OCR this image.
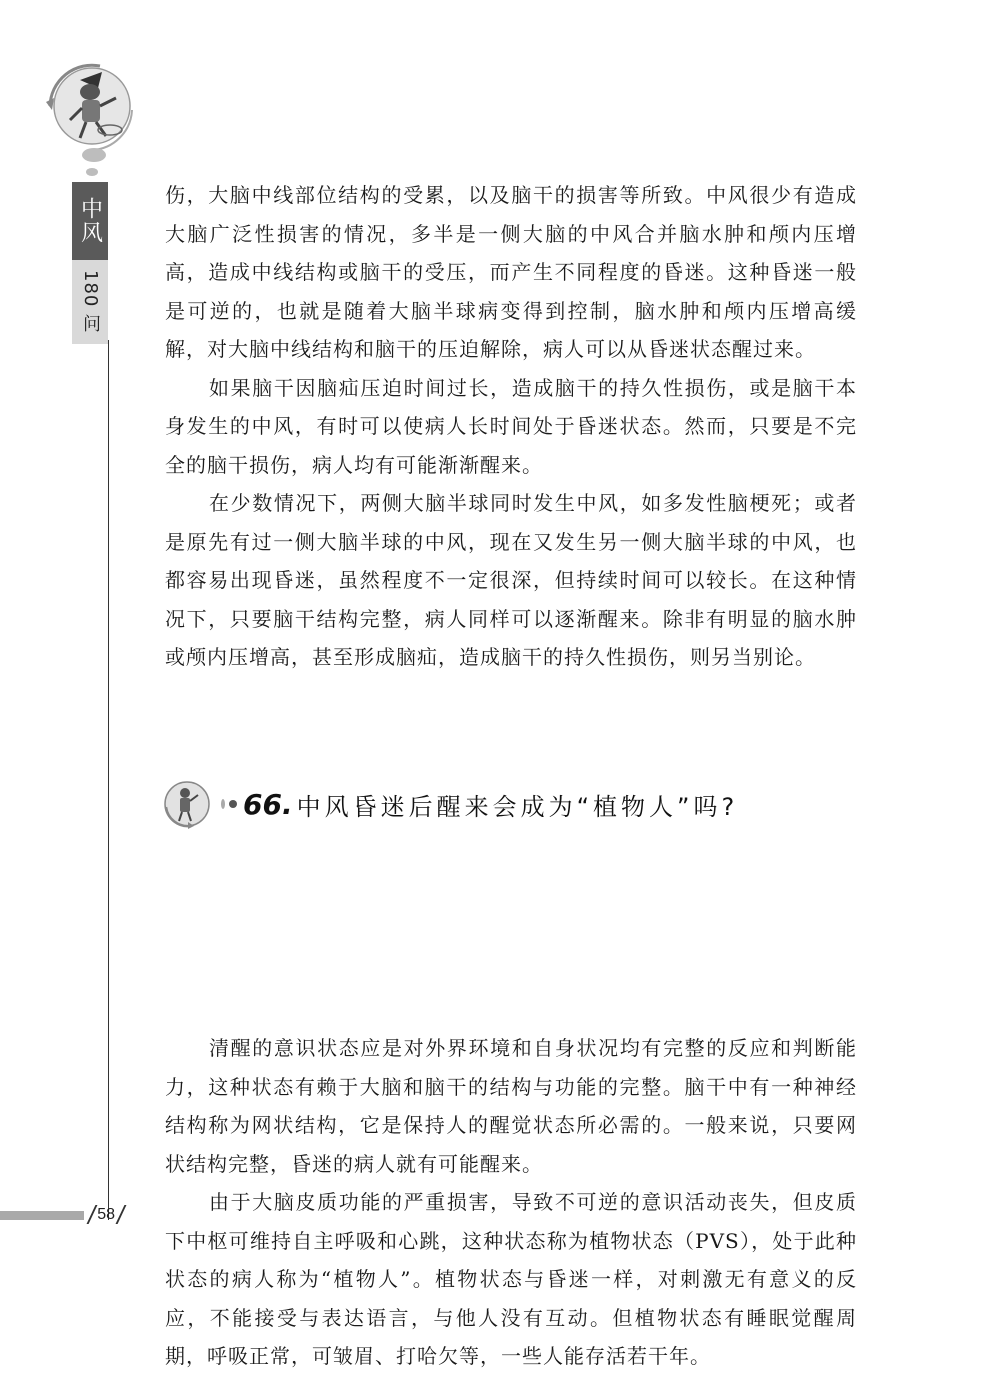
中风
180 问
/ 58 /
66. 中风昏迷后醒来会成为“植物人”吗?

伤，大脑中线部位结构的受累，以及脑干的损害等所致。中风很少有造成大脑广泛性损害的情况，多半是一侧大脑的中风合并脑水肿和颅内压增高，造成中线结构或脑干的受压，而产生不同程度的昏迷。这种昏迷一般是可逆的，也就是随着大脑半球病变得到控制，脑水肿和颅内压增高缓解，对大脑中线结构和脑干的压迫解除，病人可以从昏迷状态醒过来。

如果脑干因脑疝压迫时间过长，造成脑干的持久性损伤，或是脑干本身发生的中风，有时可以使病人长时间处于昏迷状态。然而，只要是不完全的脑干损伤，病人均有可能渐渐醒来。

在少数情况下，两侧大脑半球同时发生中风，如多发性脑梗死；或者是原先有过一侧大脑半球的中风，现在又发生另一侧大脑半球的中风，也都容易出现昏迷，虽然程度不一定很深，但持续时间可以较长。在这种情况下，只要脑干结构完整，病人同样可以逐渐醒来。除非有明显的脑水肿或颅内压增高，甚至形成脑疝，造成脑干的持久性损伤，则另当别论。

清醒的意识状态应是对外界环境和自身状况均有完整的反应和判断能力，这种状态有赖于大脑和脑干的结构与功能的完整。脑干中有一种神经结构称为网状结构，它是保持人的醒觉状态所必需的。一般来说，只要网状结构完整，昏迷的病人就有可能醒来。

由于大脑皮质功能的严重损害，导致不可逆的意识活动丧失，但皮质下中枢可维持自主呼吸和心跳，这种状态称为植物状态（PVS），处于此种状态的病人称为“植物人”。植物状态与昏迷一样，对刺激无有意义的反应，不能接受与表达语言，与他人没有互动。但植物状态有睡眠觉醒周期，呼吸正常，可皱眉、打哈欠等，一些人能存活若干年。
